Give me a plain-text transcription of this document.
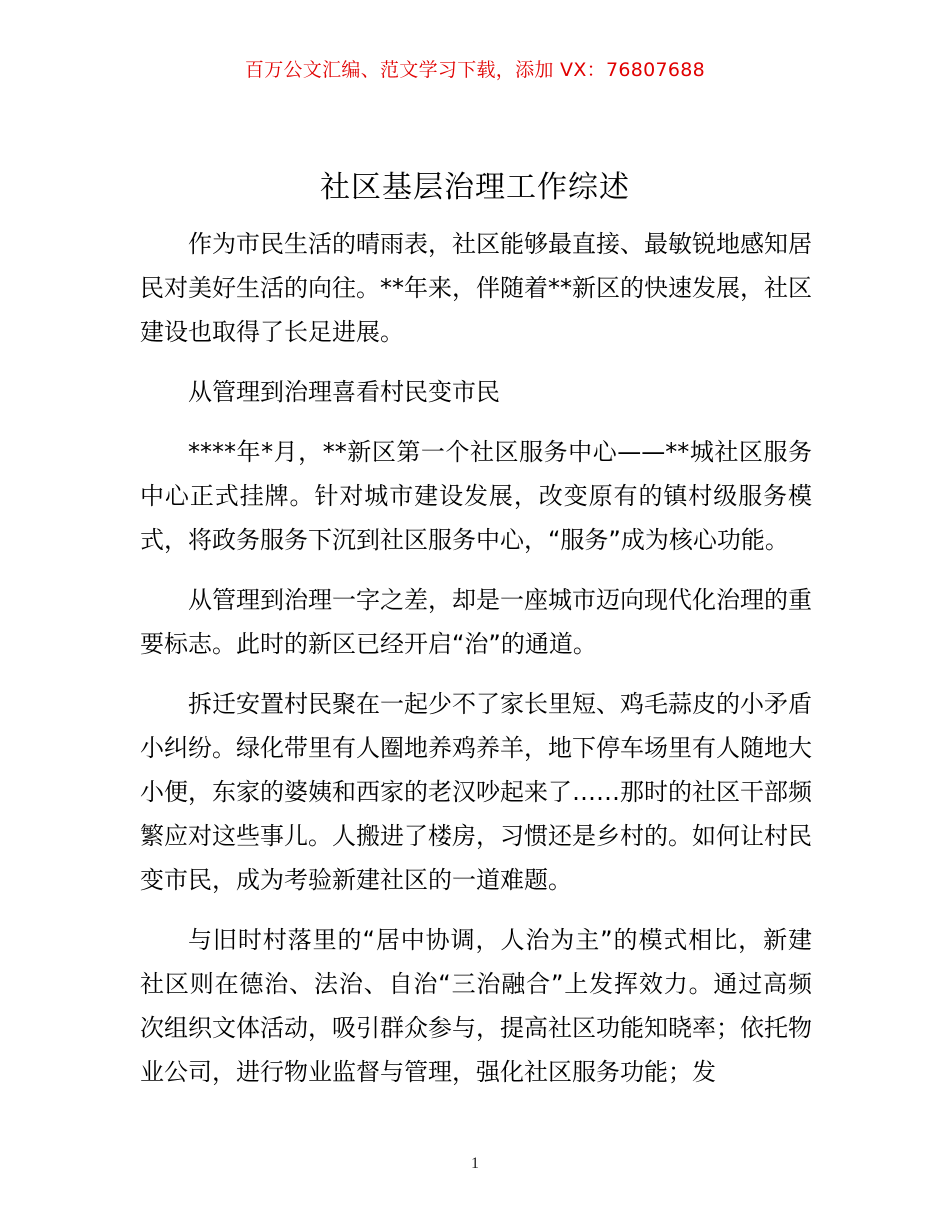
百万公文汇编、范文学习下载，添加 VX：76807688
社区基层治理工作综述

作为市民生活的晴雨表，社区能够最直接、最敏锐地感知居民对美好生活的向往。**年来，伴随着**新区的快速发展，社区建设也取得了长足进展。

从管理到治理喜看村民变市民

****年*月，**新区第一个社区服务中心——**城社区服务中心正式挂牌。针对城市建设发展，改变原有的镇村级服务模式，将政务服务下沉到社区服务中心，“服务”成为核心功能。

从管理到治理一字之差，却是一座城市迈向现代化治理的重要标志。此时的新区已经开启“治”的通道。

拆迁安置村民聚在一起少不了家长里短、鸡毛蒜皮的小矛盾小纠纷。绿化带里有人圈地养鸡养羊，地下停车场里有人随地大小便，东家的婆姨和西家的老汉吵起来了……那时的社区干部频繁应对这些事儿。人搬进了楼房，习惯还是乡村的。如何让村民变市民，成为考验新建社区的一道难题。

与旧时村落里的“居中协调，人治为主”的模式相比，新建社区则在德治、法治、自治“三治融合”上发挥效力。通过高频次组织文体活动，吸引群众参与，提高社区功能知晓率；依托物业公司，进行物业监督与管理，强化社区服务功能；发

1
